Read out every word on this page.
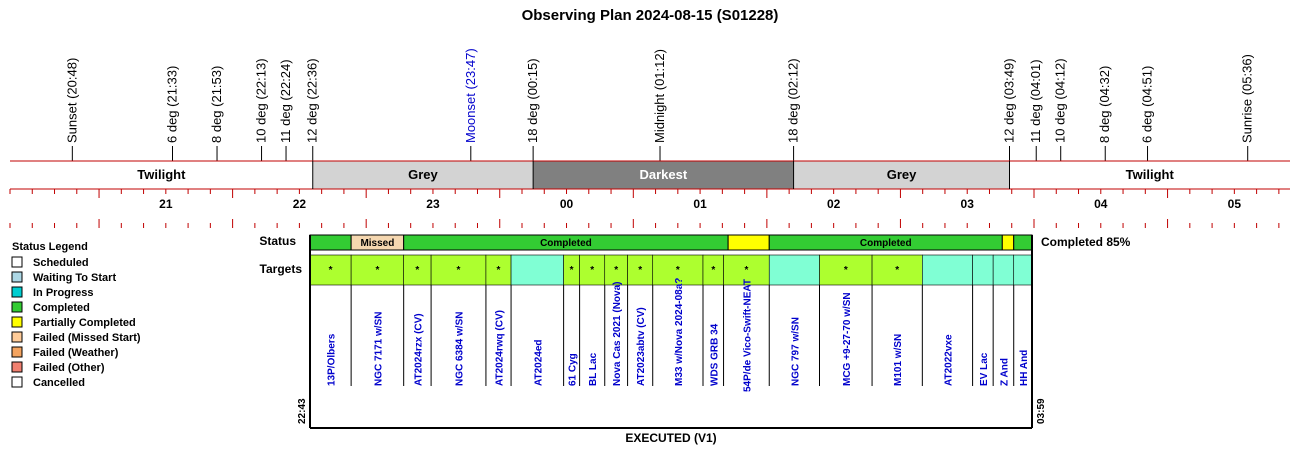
Observing Plan 2024-08-15 (S01228)
Sunset (20:48)	6 deg (21:33) 8 deg (21:53) 10 deg (22:13) 11 deg (22:24) 12 deg (22:36)	Moonset (23:47)	18 deg (00:15)	Midnight (01:12)	18 deg (02:12)	12 deg (03:49) 11 deg (04:01) 10 deg (04:12) 8 deg (04:32) 6 deg (04:51)	Sunrise (05:36)
Twilight	Grey	Darkest	Grey	Twilight
21	22	23	00	01	02	03	04	05
Status Legend
Scheduled
Waiting To Start
In Progress
Completed
Partially Completed
Failed (Missed Start)
Failed (Weather)
Failed (Other)
Cancelled
Status
Targets
Missed	Completed	Completed	Completed 85%
*
13P/Olbers
*
NGC 7171 w/SN
*
AT2024rzx (CV)
*
NGC 6384 w/SN
*
AT2024rwq (CV)	AT2024ed
*
61 Cyg
*
BL Lac
*
Nova Cas 2021 (Nova)
*
AT2023abtv (CV)
*
M33 w/Nova 2024-08a?
*
WDS GRB 34
*
54P/de Vico-Swift-NEAT	NGC 797 w/SN
*
MCG +9-27-70 w/SN
*
M101 w/SN	AT2022vxe EV Lac Z And HH And
22:43	03:59
EXECUTED (V1)
